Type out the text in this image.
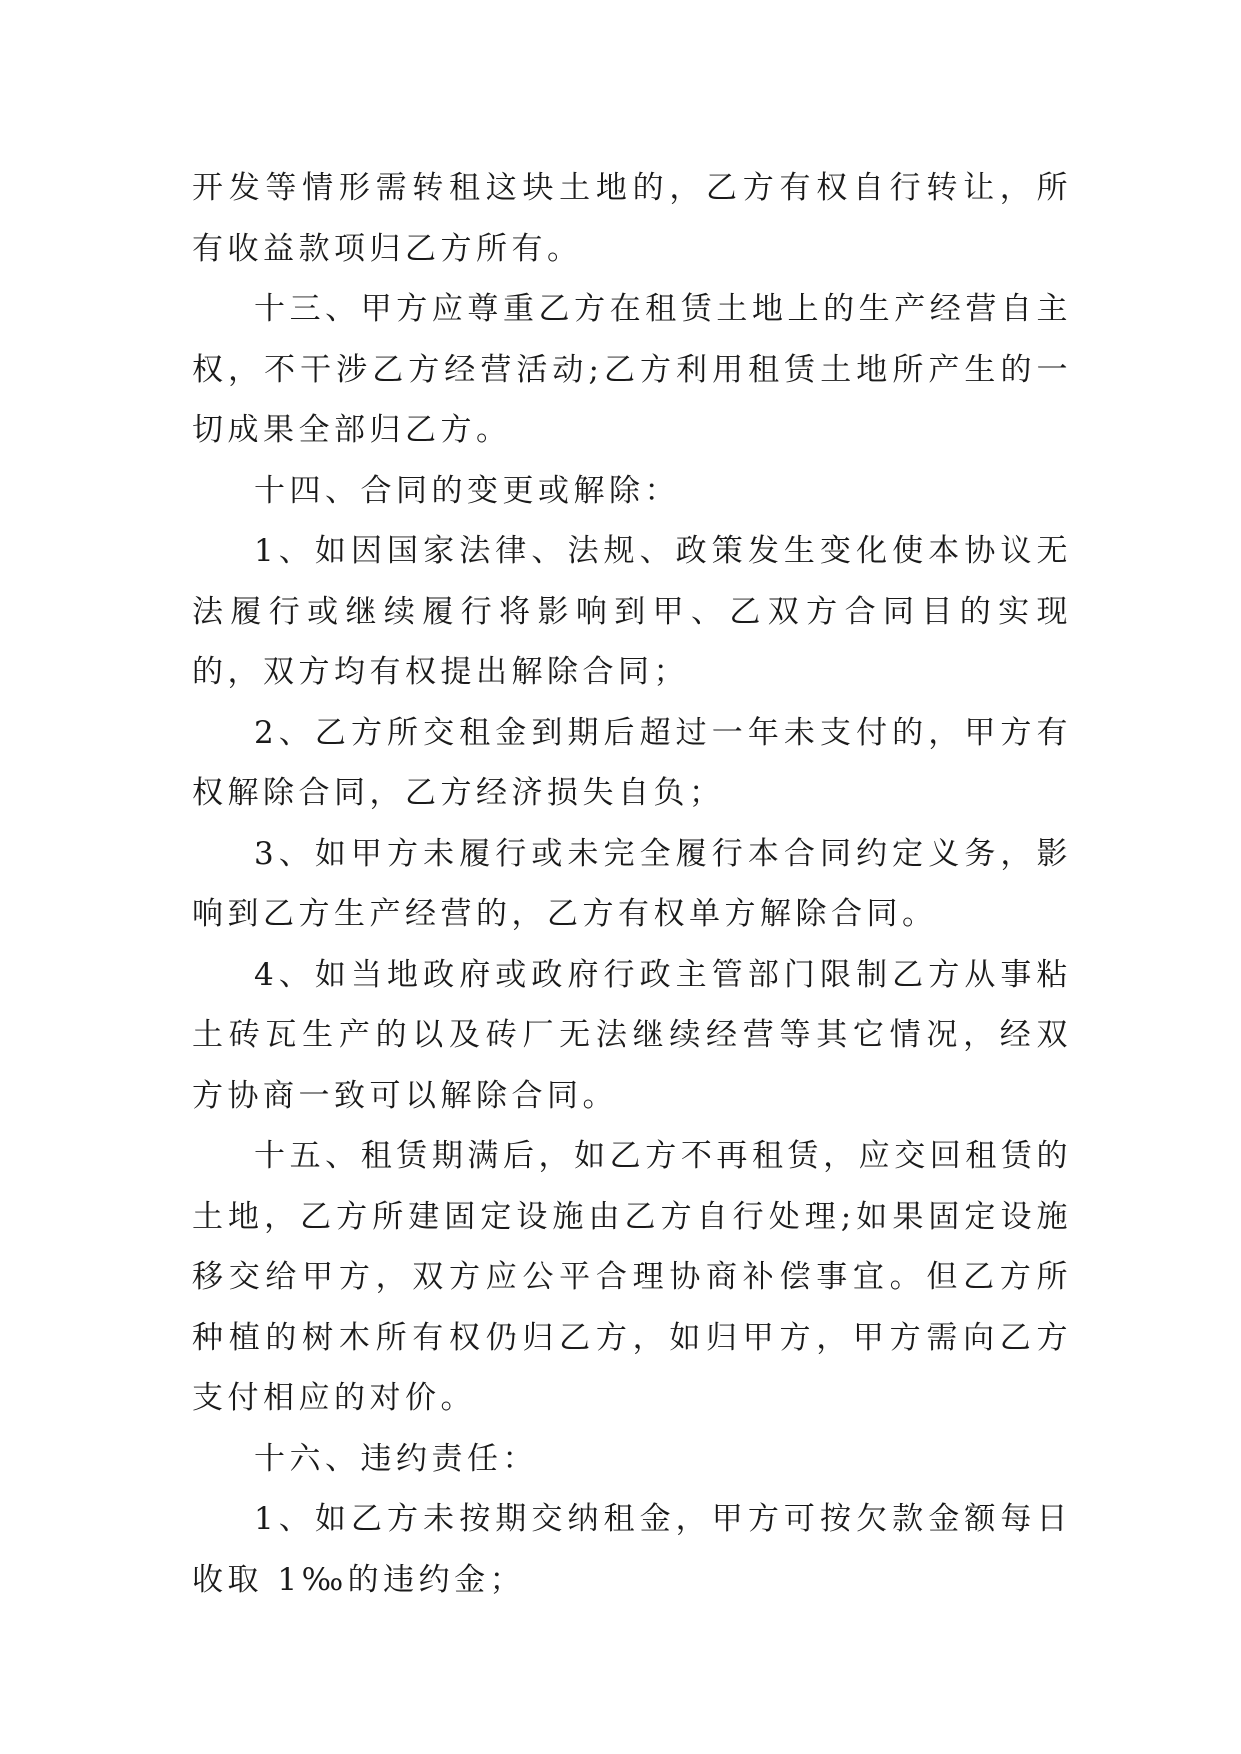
开发等情形需转租这块土地的，乙方有权自行转让，所有收益款项归乙方所有。

十三、甲方应尊重乙方在租赁土地上的生产经营自主权，不干涉乙方经营活动;乙方利用租赁土地所产生的一切成果全部归乙方。

十四、合同的变更或解除：

1、如因国家法律、法规、政策发生变化使本协议无法履行或继续履行将影响到甲、乙双方合同目的实现的，双方均有权提出解除合同；

2、乙方所交租金到期后超过一年未支付的，甲方有权解除合同，乙方经济损失自负；

3、如甲方未履行或未完全履行本合同约定义务，影响到乙方生产经营的，乙方有权单方解除合同。

4、如当地政府或政府行政主管部门限制乙方从事粘土砖瓦生产的以及砖厂无法继续经营等其它情况，经双方协商一致可以解除合同。

十五、租赁期满后，如乙方不再租赁，应交回租赁的土地，乙方所建固定设施由乙方自行处理;如果固定设施移交给甲方，双方应公平合理协商补偿事宜。但乙方所种植的树木所有权仍归乙方，如归甲方，甲方需向乙方支付相应的对价。

十六、违约责任：

1、如乙方未按期交纳租金，甲方可按欠款金额每日收取 1‰的违约金；
